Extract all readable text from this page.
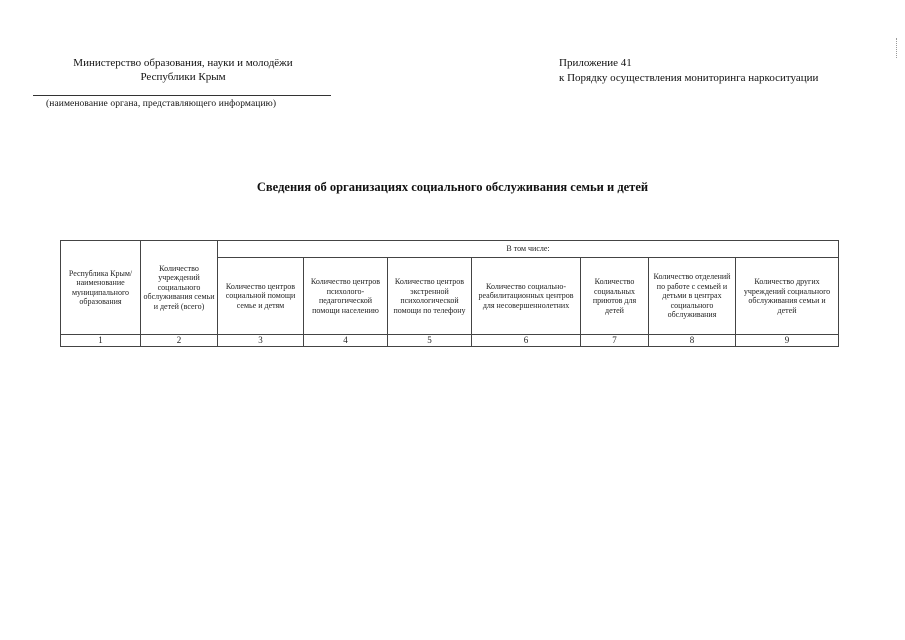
Министерство образования, науки и молодёжи
Республики Крым
(наименование органа, представляющего информацию)
Приложение 41
к Порядку осуществления мониторинга наркоситуации
Сведения об организациях социального обслуживания семьи и детей
Республика Крым/ наименование муниципального образования	Количество учреждений социального обслуживания семьи и детей (всего)	В том числе:						
		Количество центров социальной помощи семье и детям	Количество центров психолого-педагогической помощи населению	Количество центров экстренной психологической помощи по телефону	Количество социально-реабилитационных центров для несовершеннолетних	Количество социальных приютов для детей	Количество отделений по работе с семьей и детьми в центрах социального обслуживания	Количество других учреждений социального обслуживания семьи и детей
1	2	3	4	5	6	7	8	9
